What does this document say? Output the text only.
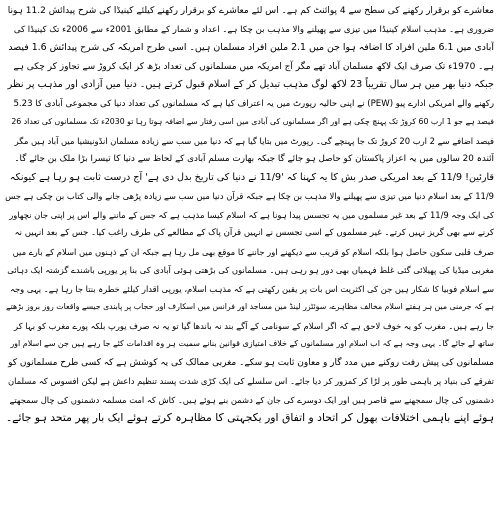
معاشرے کو برقرار رکھنے کی سطح سے 4 پوائنٹ کم ہے۔ اس لئے معاشرے کو برقرار رکھنے کیلئے کینیڈا کی شرح پیدائش 11.2 ہونا
ضروری ہے۔ مذہب اسلام کینیڈا میں تیزی سے پھیلنے والا مذہب بن چکا ہے۔ اعداد و شمار کے مطابق 2001ء سے 2006ء تک کینیڈا کی
آبادی میں 6.1 ملین افراد کا اضافہ ہوا جن میں 2.1 ملین افراد مسلمان ہیں۔ اسی طرح امریکہ کی شرح پیدائش 1.6 فیصد
ہے۔ 1970ء تک صرف ایک لاکھ مسلمان آباد تھے مگر آج امریکہ میں مسلمانوں کی تعداد بڑھ کر ایک کروڑ سے تجاوز کر چکی ہے
جبکہ دنیا بھر میں ہر سال تقریباً 23 لاکھ لوگ مذہب تبدیل کر کے اسلام قبول کرتے ہیں۔ دنیا میں آزادی اور مذہب پر نظر
رکھنے والے امریکی ادارے پیو (PEW) نے اپنی حالیہ رپورٹ میں یہ اعتراف کیا ہے کہ مسلمانوں کی تعداد دنیا کی مجموعی آبادی کا 5.23
فیصد ہے جو 1 ارب 60 کروڑ تک پہنچ چکی ہے اور اگر مسلمانوں کی آبادی میں اسی رفتار سے اضافہ ہوتا رہا تو 2030ء تک مسلمانوں کی تعداد 26
فیصد اضافے سے 2 ارب 20 کروڑ تک جا پہنچے گی۔ رپورٹ میں بتایا گیا ہے کہ دنیا میں سب سے زیادہ مسلمان انڈونیشیا میں آباد ہیں مگر
آئندہ 20 سالوں میں یہ اعزاز پاکستان کو حاصل ہو جائے گا جبکہ بھارت مسلم آبادی کے لحاظ سے دنیا کا تیسرا بڑا ملک بن جائے گا۔
قارئین! 11/9 کے بعد امریکی صدر بش کا یہ کہنا کہ '11/9 نے دنیا کی تاریخ بدل دی ہے' آج درست ثابت ہو رہا ہے کیونکہ
11/9 کے بعد اسلام دنیا میں تیزی سے پھیلنے والا مذہب بن چکا ہے جبکہ قرآن دنیا میں سب سے زیادہ پڑھی جانے والی کتاب بن چکی ہے جس
کی ایک وجہ 11/9 کے بعد غیر مسلموں میں یہ تجسس پیدا ہونا ہے کہ اسلام کیسا مذہب ہے کہ جس کے ماننے والے اس پر اپنی جان نچھاور
کرنے سے بھی گریز نہیں کرتے۔ غیر مسلموں کے اسی تجسس نے انہیں قرآن پاک کے مطالعے کی طرف راغب کیا۔ جس کے بعد انہیں نہ
صرف قلبی سکون حاصل ہوا بلکہ اسلام کو قریب سے دیکھنے اور جاننے کا موقع بھی مل رہا ہے جبکہ ان کے ذہنوں میں اسلام کے بارے میں
مغربی میڈیا کی پھیلائی گئی غلط فہمیاں بھی دور ہو رہی ہیں۔ مسلمانوں کی بڑھتی ہوئی آبادی کی بنا پر یورپی باشندے گزشتہ ایک دہائی
سے اسلام فوبیا کا شکار ہیں جن کی اکثریت اس بات پر یقین رکھتی ہے کہ مذہب اسلام، یورپی اقدار کیلئے خطرہ بنتا جا رہا ہے۔ یہی وجہ
ہے کہ جرمنی میں ہر ہفتے اسلام مخالف مظاہرے، سوئٹزر لینڈ میں مساجد اور فرانس میں اسکارف اور حجاب پر پابندی جیسے واقعات روز بروز بڑھتے
جا رہے ہیں۔ مغرب کو یہ خوف لاحق ہے کہ اگر اسلام کے سونامی کے آگے بند نہ باندھا گیا تو یہ نہ صرف یورپ بلکہ پورے مغرب کو بہا کر
ساتھ لے جائے گا۔ یہی وجہ ہے کہ اب اسلام اور مسلمانوں کے خلاف امتیازی قوانین بنانے سمیت ہر وہ اقدامات کئے جا رہے ہیں جن سے اسلام اور
مسلمانوں کی پیش رفت روکنے میں مدد گار و معاون ثابت ہو سکے۔ مغربی ممالک کی یہ کوشش ہے کہ کسی طرح مسلمانوں کو
تفرقے کی بنیاد پر باہمی طور پر لڑا کر کمزور کر دیا جائے۔ اس سلسلے کی ایک کڑی شدت پسند تنظیم داعش ہے لیکن افسوس کہ مسلمان
دشمنوں کی چال سمجھنے سے قاصر ہیں اور ایک دوسرے کی جان کے دشمن بنے ہوئے ہیں۔ کاش کہ امت مسلمہ دشمنوں کی چال سمجھتے
ہوئے اپنے باہمی اختلافات بھول کر اتحاد و اتفاق اور یکجہتی کا مظاہرہ کرتے ہوئے ایک بار پھر متحد ہو جائے۔
